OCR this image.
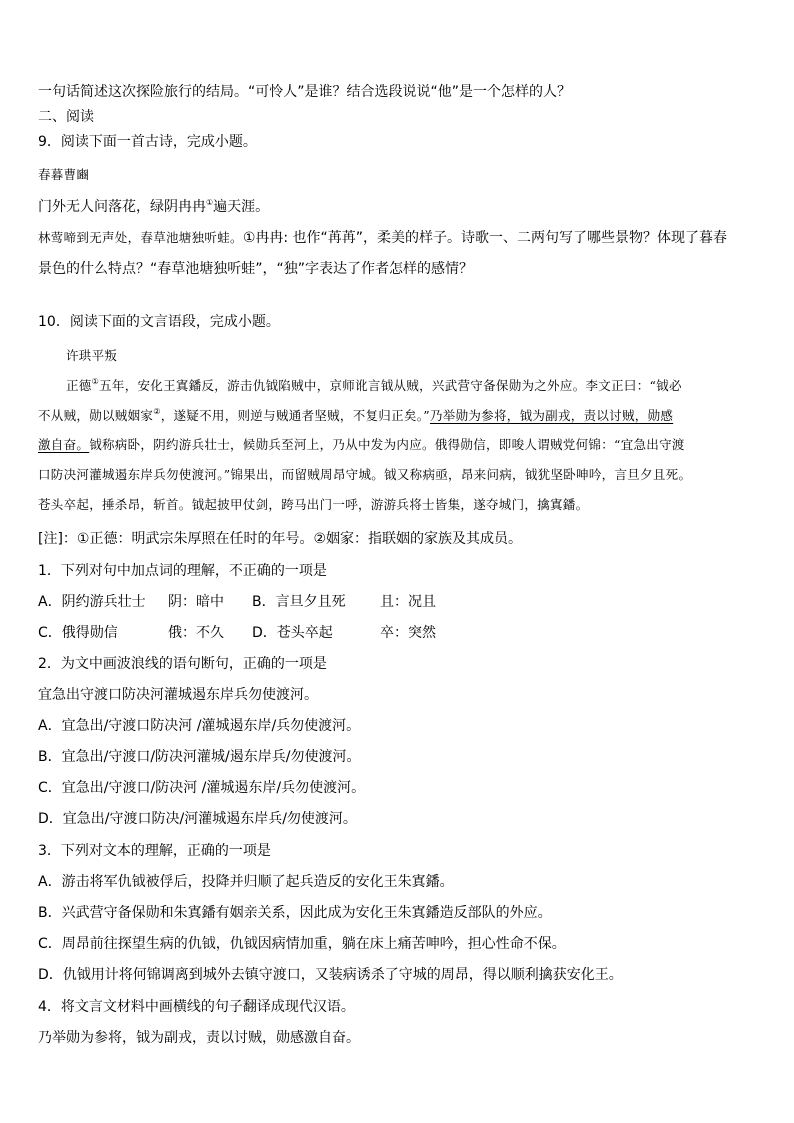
一句话简述这次探险旅行的结局。“可怜人”是谁？结合选段说说“他”是一个怎样的人？
二、阅读
9．阅读下面一首古诗，完成小题。
春暮曹豳
门外无人问落花，绿阴冉冉①遍天涯。
林莺啼到无声处，春草池塘独听蛙。①冉冉: 也作“苒苒”，柔美的样子。诗歌一、二两句写了哪些景物？体现了暮春
景色的什么特点？“春草池塘独听蛙”，“独”字表达了作者怎样的感情？
10．阅读下面的文言语段，完成小题。
许珙平叛
正德①五年，安化王寘鐇反，游击仇钺陷贼中，京师讹言钺从贼，兴武营守备保勋为之外应。李文正曰：“钺必
不从贼，勋以贼姻家②，遂疑不用，则逆与贼通者坚贼，不复归正矣。”乃举勋为参将，钺为副戎，责以讨贼，勋感
激自奋。钺称病卧，阴约游兵壮士，候勋兵至河上，乃从中发为内应。俄得勋信，即唆人谓贼党何锦：“宜急出守渡
口防决河灌城遏东岸兵勿使渡河。”锦果出，而留贼周昂守城。钺又称病亟，昂来问病，钺犹坚卧呻吟，言旦夕且死。
苍头卒起，捶杀昂，斩首。钺起披甲仗剑，跨马出门一呼，游游兵将士皆集，遂夺城门，擒寘鐇。
[注]：①正德：明武宗朱厚照在任时的年号。②姻家：指联姻的家族及其成员。
1．下列对句中加点词的理解，不正确的一项是
A．阴约游兵壮士 阴：暗中 B．言旦夕且死 且：况且
C．俄得勋信	俄：不久 D．苍头卒起	卒：突然
2．为文中画波浪线的语句断句，正确的一项是
宜急出守渡口防决河灌城遏东岸兵勿使渡河。
A．宜急出/守渡口防决河 /灌城遏东岸/兵勿使渡河。
B．宜急出/守渡口/防决河灌城/遏东岸兵/勿使渡河。
C．宜急出/守渡口/防决河 /灌城遏东岸/兵勿使渡河。
D．宜急出/守渡口防决/河灌城遏东岸兵/勿使渡河。
3．下列对文本的理解，正确的一项是
A．游击将军仇钺被俘后，投降并归顺了起兵造反的安化王朱寘鐇。
B．兴武营守备保勋和朱寘鐇有姻亲关系，因此成为安化王朱寘鐇造反部队的外应。
C．周昂前往探望生病的仇钺，仇钺因病情加重，躺在床上痛苦呻吟，担心性命不保。
D．仇钺用计将何锦调离到城外去镇守渡口，又装病诱杀了守城的周昂，得以顺利擒获安化王。
4．将文言文材料中画横线的句子翻译成现代汉语。
乃举勋为参将，钺为副戎，责以讨贼，勋感激自奋。
